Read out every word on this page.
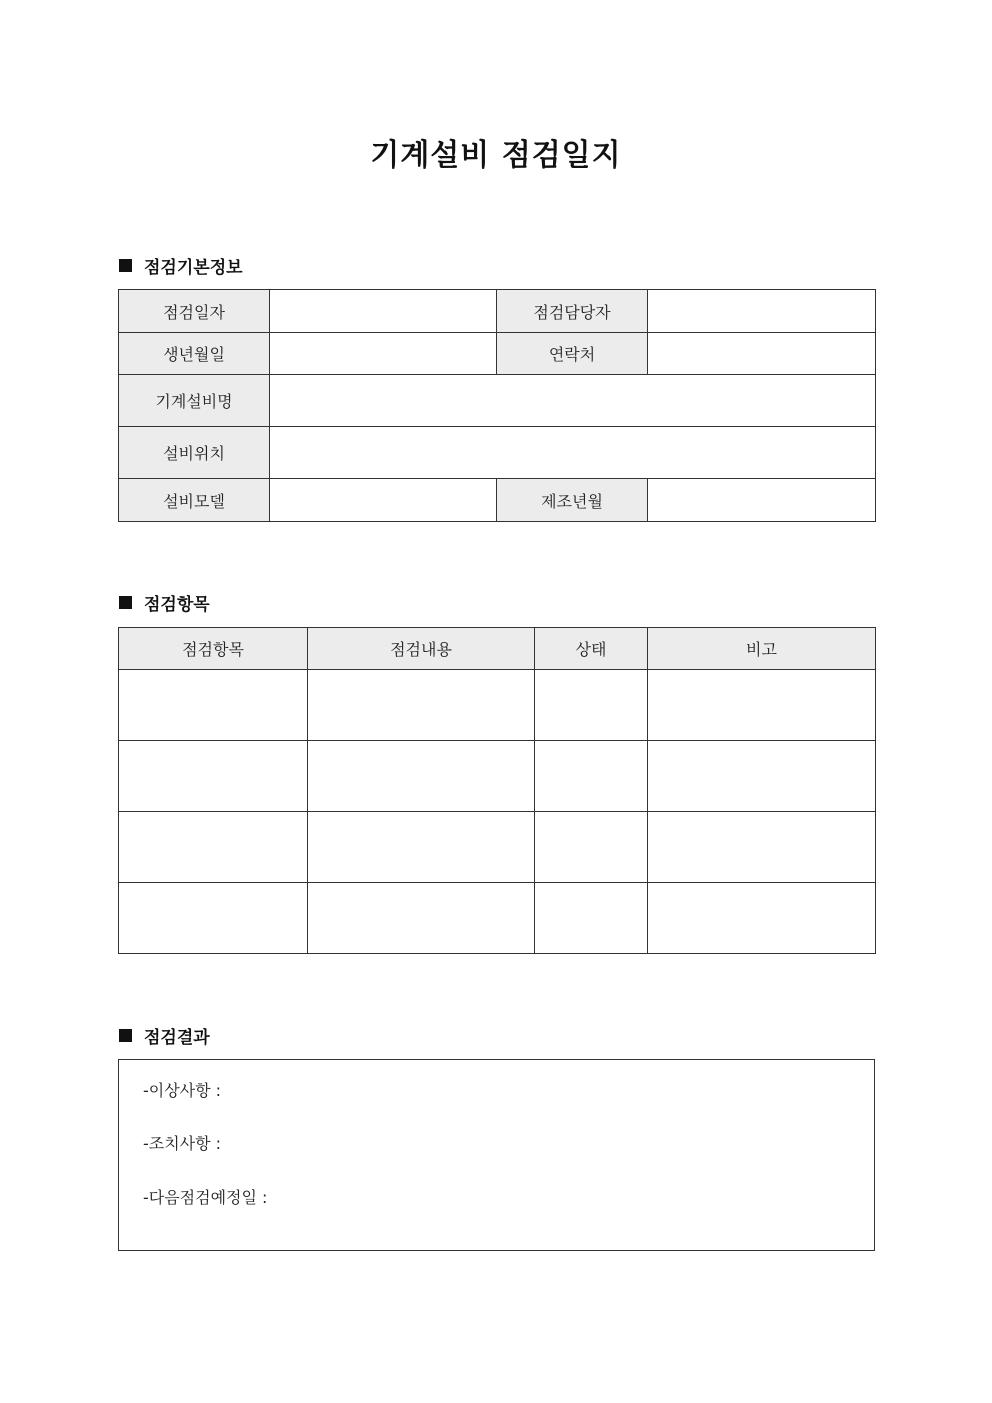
기계설비 점검일지
점검기본정보
점검일자		점검담당자	
생년월일		연락처	
기계설비명			
설비위치			
설비모델		제조년월	
점검항목
점검항목	점검내용	상태	비고

점검결과
-이상사항 :
-조치사항 :
-다음점검예정일 :
